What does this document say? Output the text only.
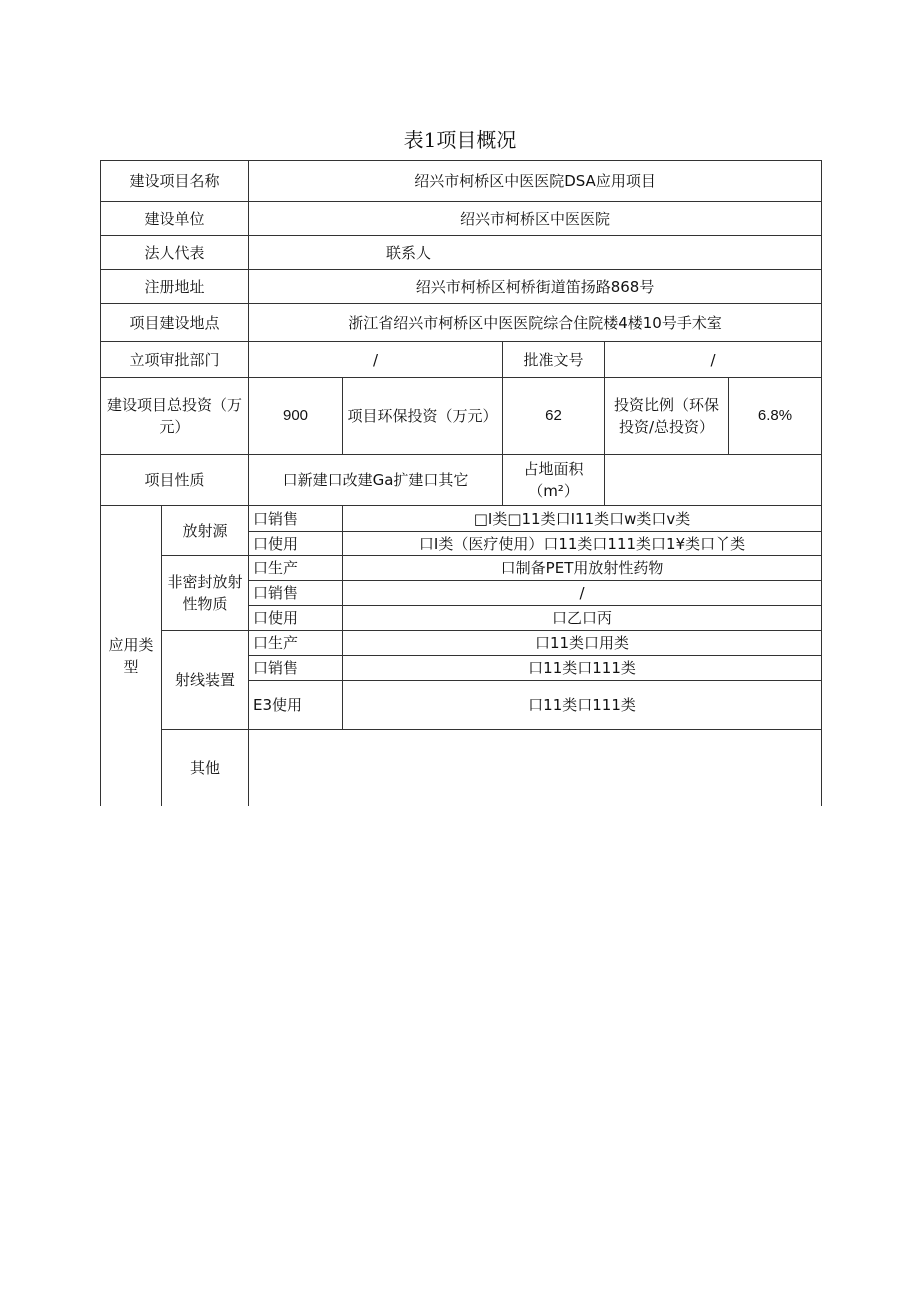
表1项目概况
建设项目名称		绍兴市柯桥区中医医院DSA应用项目				
建设单位		绍兴市柯桥区中医医院				
法人代表		联系人				
注册地址		绍兴市柯桥区柯桥街道笛扬路868号				
项目建设地点		浙江省绍兴市柯桥区中医医院综合住院楼4楼10号手术室				
立项审批部门		/		批准文号	/	
建设项目总投资（万元）		900	项目环保投资（万元）	62	投资比例（环保投资/总投资）	6.8%
项目性质		口新建口改建Ga扩建口其它		占地面积（m²）		
应用类型	放射源	口销售	□I类□11类口I11类口w类口v类			
		口使用	口I类（医疗使用）口11类口111类口1¥类口丫类			
	非密封放射性物质	口生产	口制备PET用放射性药物			
		口销售	/			
		口使用	口乙口丙			
	射线装置	口生产	口11类口用类			
		口销售	口11类口111类			
		E3使用	口11类口111类			
	其他					
